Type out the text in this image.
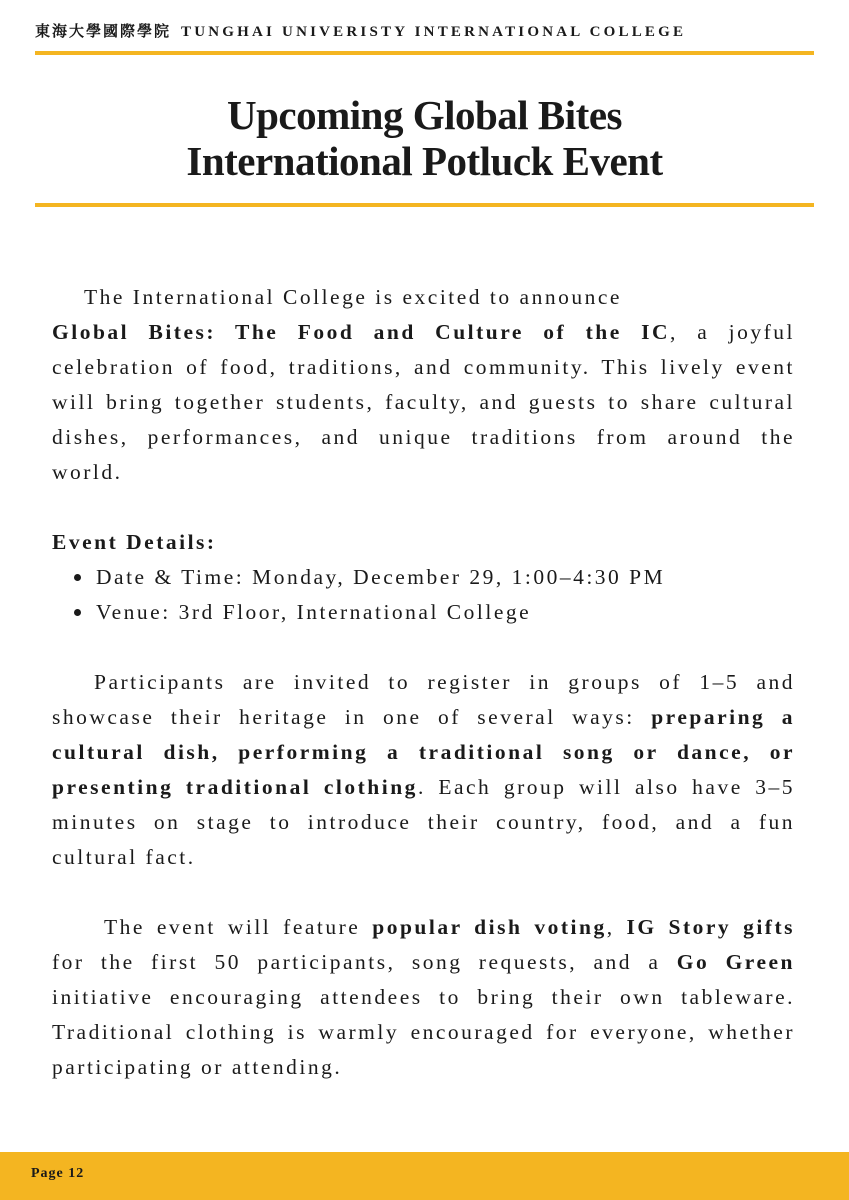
東海大學國際學院 TUNGHAI UNIVERISTY INTERNATIONAL COLLEGE
Upcoming Global Bites
International Potluck Event

The International College is excited to announce
Global Bites: The Food and Culture of the IC, a joyful celebration of food, traditions, and community. This lively event will bring together students, faculty, and guests to share cultural dishes, performances, and unique traditions from around the world.

Event Details:

Date & Time: Monday, December 29, 1:00–4:30 PM
Venue: 3rd Floor, International College

Participants are invited to register in groups of 1–5 and showcase their heritage in one of several ways: preparing a cultural dish, performing a traditional song or dance, or presenting traditional clothing. Each group will also have 3–5 minutes on stage to introduce their country, food, and a fun cultural fact.

The event will feature popular dish voting, IG Story gifts for the first 50 participants, song requests, and a Go Green initiative encouraging attendees to bring their own tableware. Traditional clothing is warmly encouraged for everyone, whether participating or attending.

Page 12
